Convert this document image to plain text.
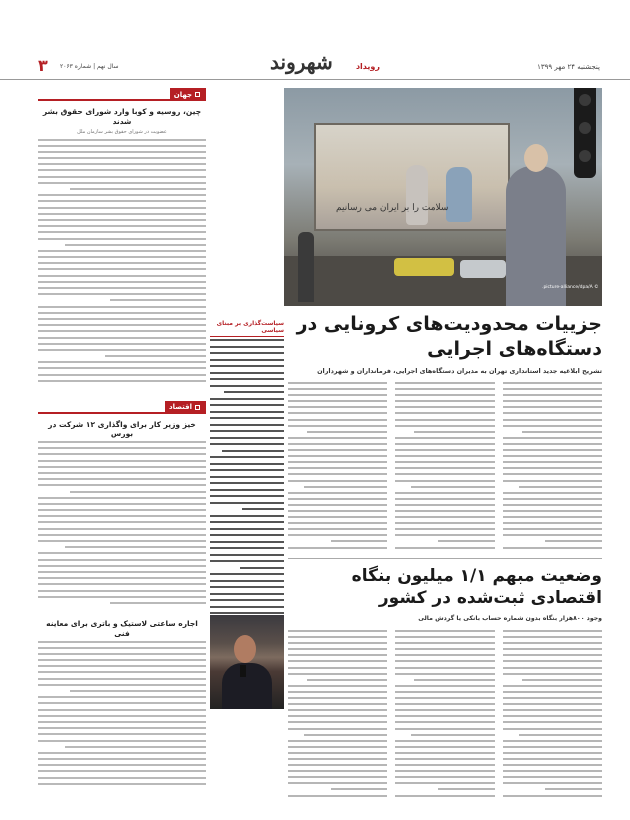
پنجشنبه ۲۴ مهر ۱۳۹۹
شهروند	رویداد
سال نهم | شماره ۲۰۶۳
۳
جهان
چین، روسیه و کوبا وارد شورای حقوق بشر شدند
عضویت در شورای حقوق بشر سازمان ملل
اقتصاد
خیز وزیر کار برای واگذاری ۱۲ شرکت در بورس
اجاره ساعتی لاستیک و باتری برای معاینه فنی
سیاست‌گذاری بر مبنای سیاسی
سلامت را بر ایران می رسانیم
© picture-alliance/dpa/A.
جزییات محدودیت‌های کرونایی در دستگاه‌های اجرایی
تشریح ابلاغیه جدید استانداری تهران به مدیران دستگاه‌های اجرایی، فرمانداران و شهرداران
وضعیت مبهم ۱/۱ میلیون بنگاه اقتصادی ثبت‌شده در کشور
وجود ۸۰۰هزار بنگاه بدون شماره حساب بانکی یا گردش مالی
